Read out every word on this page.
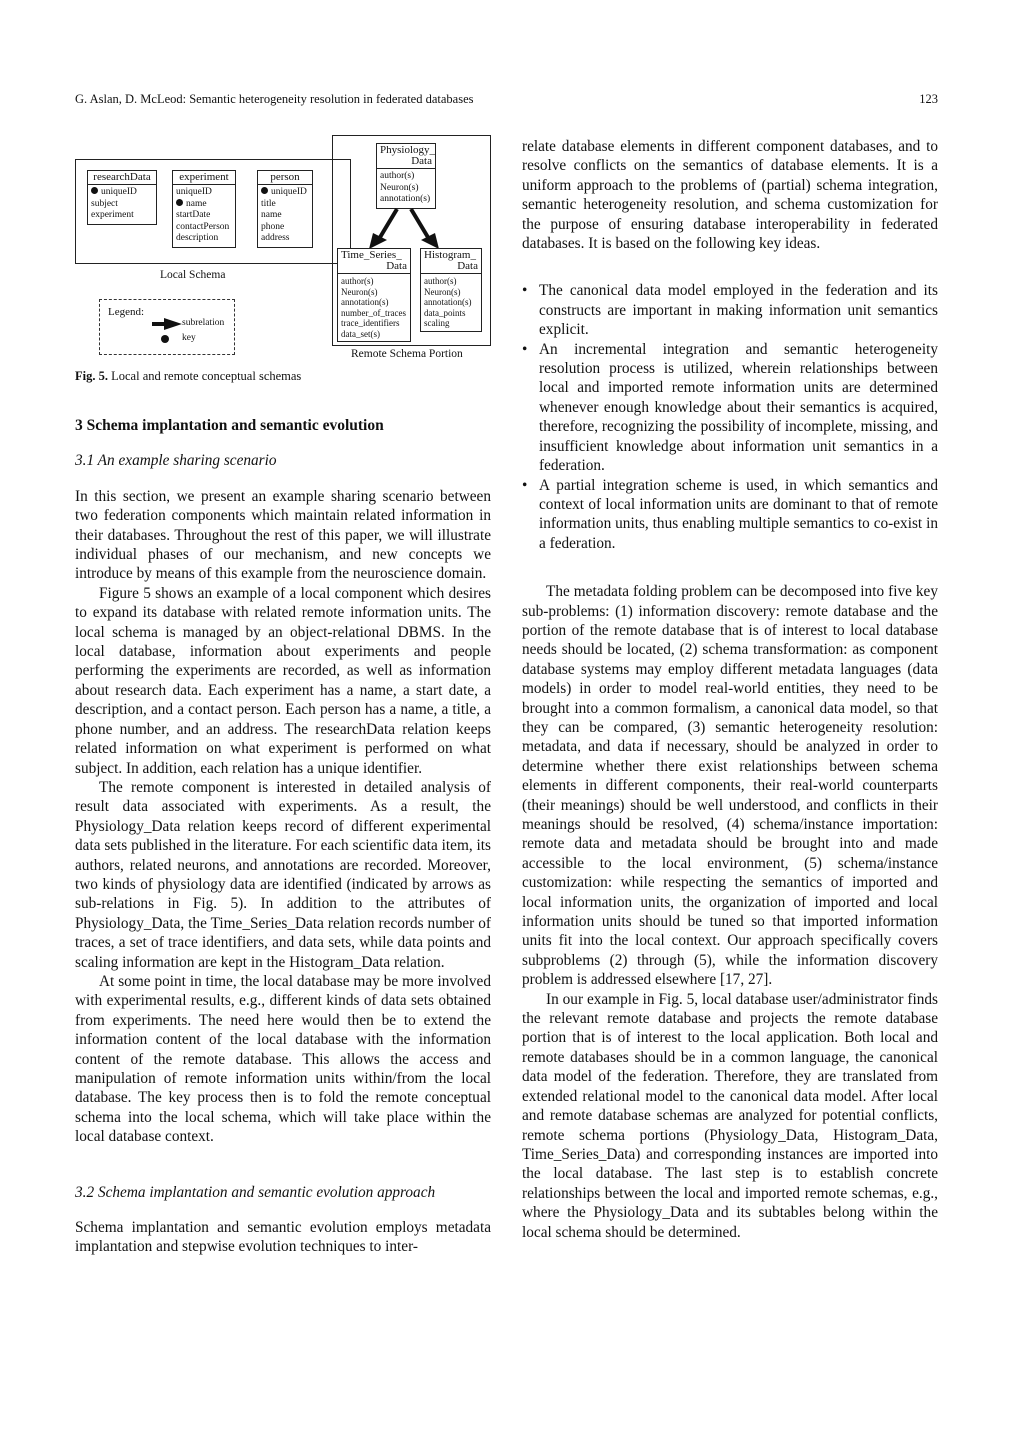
G. Aslan, D. McLeod: Semantic heterogeneity resolution in federated databases	123
researchData
uniqueID
subject
experiment
experiment
uniqueID
name
startDate
contactPerson
description
person
uniqueID
title
name
phone
address
Local Schema
Legend:
subrelation
key
Physiology_
Data
author(s)
Neuron(s)
annotation(s)
Time_Series_
Data
author(s)
Neuron(s)
annotation(s)
number_of_traces
trace_identifiers
data_set(s)
Histogram_
Data
author(s)
Neuron(s)
annotation(s)
data_points
scaling
Remote Schema Portion
Fig. 5. Local and remote conceptual schemas
3 Schema implantation and semantic evolution
3.1 An example sharing scenario

In this section, we present an example sharing scenario between two federation components which maintain related information in their databases. Throughout the rest of this paper, we will illustrate individual phases of our mechanism, and new concepts we introduce by means of this example from the neuroscience domain.

Figure 5 shows an example of a local component which desires to expand its database with related remote information units. The local schema is managed by an object-relational DBMS. In the local database, information about experiments and people performing the experiments are recorded, as well as information about research data. Each experiment has a name, a start date, a description, and a contact person. Each person has a name, a title, a phone number, and an address. The researchData relation keeps related information on what experiment is performed on what subject. In addition, each relation has a unique identifier.

The remote component is interested in detailed analysis of result data associated with experiments. As a result, the Physiology_Data relation keeps record of different experimental data sets published in the literature. For each scientific data item, its authors, related neurons, and annotations are recorded. Moreover, two kinds of physiology data are identified (indicated by arrows as sub-relations in Fig. 5). In addition to the attributes of Physiology_Data, the Time_Series_Data relation records number of traces, a set of trace identifiers, and data sets, while data points and scaling information are kept in the Histogram_Data relation.

At some point in time, the local database may be more involved with experimental results, e.g., different kinds of data sets obtained from experiments. The need here would then be to extend the information content of the local database with the information content of the remote database. This allows the access and manipulation of remote information units within/from the local database. The key process then is to fold the remote conceptual schema into the local schema, which will take place within the local database context.

3.2 Schema implantation and semantic evolution approach

Schema implantation and semantic evolution employs metadata implantation and stepwise evolution techniques to inter-

relate database elements in different component databases, and to resolve conflicts on the semantics of database elements. It is a uniform approach to the problems of (partial) schema integration, semantic heterogeneity resolution, and schema customization for the purpose of ensuring database interoperability in federated databases. It is based on the following key ideas.

• The canonical data model employed in the federation and its constructs are important in making information unit semantics explicit.
• An incremental integration and semantic heterogeneity resolution process is utilized, wherein relationships between local and imported remote information units are determined whenever enough knowledge about their semantics is acquired, therefore, recognizing the possibility of incomplete, missing, and insufficient knowledge about information unit semantics in a federation.
• A partial integration scheme is used, in which semantics and context of local information units are dominant to that of remote information units, thus enabling multiple semantics to co-exist in a federation.

The metadata folding problem can be decomposed into five key sub-problems: (1) information discovery: remote database and the portion of the remote database that is of interest to local database needs should be located, (2) schema transformation: as component database systems may employ different metadata languages (data models) in order to model real-world entities, they need to be brought into a common formalism, a canonical data model, so that they can be compared, (3) semantic heterogeneity resolution: metadata, and data if necessary, should be analyzed in order to determine whether there exist relationships between schema elements in different components, their real-world counterparts (their meanings) should be well understood, and conflicts in their meanings should be resolved, (4) schema/instance importation: remote data and metadata should be brought into and made accessible to the local environment, (5) schema/instance customization: while respecting the semantics of imported and local information units, the organization of imported and local information units should be tuned so that imported information units fit into the local context. Our approach specifically covers subproblems (2) through (5), while the information discovery problem is addressed elsewhere [17, 27].

In our example in Fig. 5, local database user/administrator finds the relevant remote database and projects the remote database portion that is of interest to the local application. Both local and remote databases should be in a common language, the canonical data model of the federation. Therefore, they are translated from extended relational model to the canonical data model. After local and remote database schemas are analyzed for potential conflicts, remote schema portions (Physiology_Data, Histogram_Data, Time_Series_Data) and corresponding instances are imported into the local database. The last step is to establish concrete relationships between the local and imported remote schemas, e.g., where the Physiology_Data and its subtables belong within the local schema should be determined.
